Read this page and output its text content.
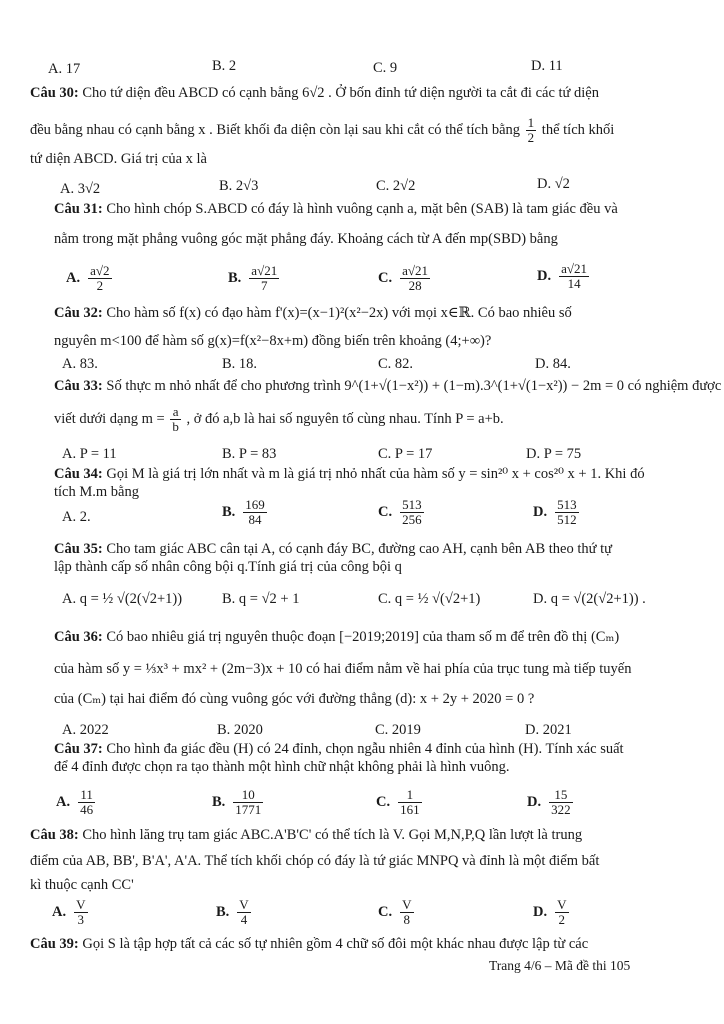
A. 17	B. 2	C. 9	D. 11
Câu 30: Cho tứ diện đều ABCD có cạnh bằng 6√2 . Ở bốn đỉnh tứ diện người ta cắt đi các tứ diện
đều bằng nhau có cạnh bằng x . Biết khối đa diện còn lại sau khi cắt có thể tích bằng $\frac{1}{2}$ thể tích khối
tứ diện ABCD. Giá trị của x là
A. 3√2	B. 2√3	C. 2√2	D. √2
Câu 31: Cho hình chóp S.ABCD có đáy là hình vuông cạnh a, mặt bên (SAB) là tam giác đều và
nằm trong mặt phẳng vuông góc mặt phẳng đáy. Khoảng cách từ A đến mp(SBD) bằng
A. $\frac{a√2}{2}$	B. $\frac{a√21}{7}$	C. $\frac{a√21}{28}$	D. $\frac{a√21}{14}$
Câu 32: Cho hàm số f(x) có đạo hàm f'(x)=(x−1)²(x²−2x) với mọi x∈ℝ. Có bao nhiêu số
nguyên m<100 để hàm số g(x)=f(x²−8x+m) đồng biến trên khoảng (4;+∞)?
A. 83.	B. 18.	C. 82.	D. 84.
Câu 33: Số thực m nhỏ nhất để cho phương trình 9^(1+√(1−x²)) + (1−m).3^(1+√(1−x²)) − 2m = 0 có nghiệm được
viết dưới dạng $m = \frac{a}{b}$ , ở đó a,b là hai số nguyên tố cùng nhau. Tính P = a+b.
A. P = 11	B. P = 83	C. P = 17	D. P = 75
Câu 34: Gọi M là giá trị lớn nhất và m là giá trị nhỏ nhất của hàm số y = sin²⁰ x + cos²⁰ x + 1. Khi đó
tích M.m bằng
A. 2.	B. $\frac{169}{84}$	C. $\frac{513}{256}$	D. $\frac{513}{512}$
Câu 35: Cho tam giác ABC cân tại A, có cạnh đáy BC, đường cao AH, cạnh bên AB theo thứ tự
lập thành cấp số nhân công bội q.Tính giá trị của công bội q
A. q = ½ √(2(√2+1))	B. q = √2 + 1	C. q = ½ √(√2+1)	D. q = √(2(√2+1)) .
Câu 36: Có bao nhiêu giá trị nguyên thuộc đoạn [−2019;2019] của tham số m để trên đồ thị (Cₘ)
của hàm số y = ⅓x³ + mx² + (2m−3)x + 10 có hai điểm nằm về hai phía của trục tung mà tiếp tuyến
của (Cₘ) tại hai điểm đó cùng vuông góc với đường thẳng (d): x + 2y + 2020 = 0 ?
A. 2022	B. 2020	C. 2019	D. 2021
Câu 37: Cho hình đa giác đều (H) có 24 đỉnh, chọn ngẫu nhiên 4 đỉnh của hình (H). Tính xác suất
để 4 đỉnh được chọn ra tạo thành một hình chữ nhật không phải là hình vuông.
A. $\frac{11}{46}$	B. $\frac{10}{1771}$	C. $\frac{1}{161}$	D. $\frac{15}{322}$
Câu 38: Cho hình lăng trụ tam giác ABC.A'B'C' có thể tích là V. Gọi M,N,P,Q lần lượt là trung
điểm của AB, BB', B'A', A'A. Thể tích khối chóp có đáy là tứ giác MNPQ và đỉnh là một điểm bất
kì thuộc cạnh CC'
A. $\frac{V}{3}$	B. $\frac{V}{4}$	C. $\frac{V}{8}$	D. $\frac{V}{2}$
Câu 39: Gọi S là tập hợp tất cả các số tự nhiên gồm 4 chữ số đôi một khác nhau được lập từ các
Trang 4/6 – Mã đề thi 105
